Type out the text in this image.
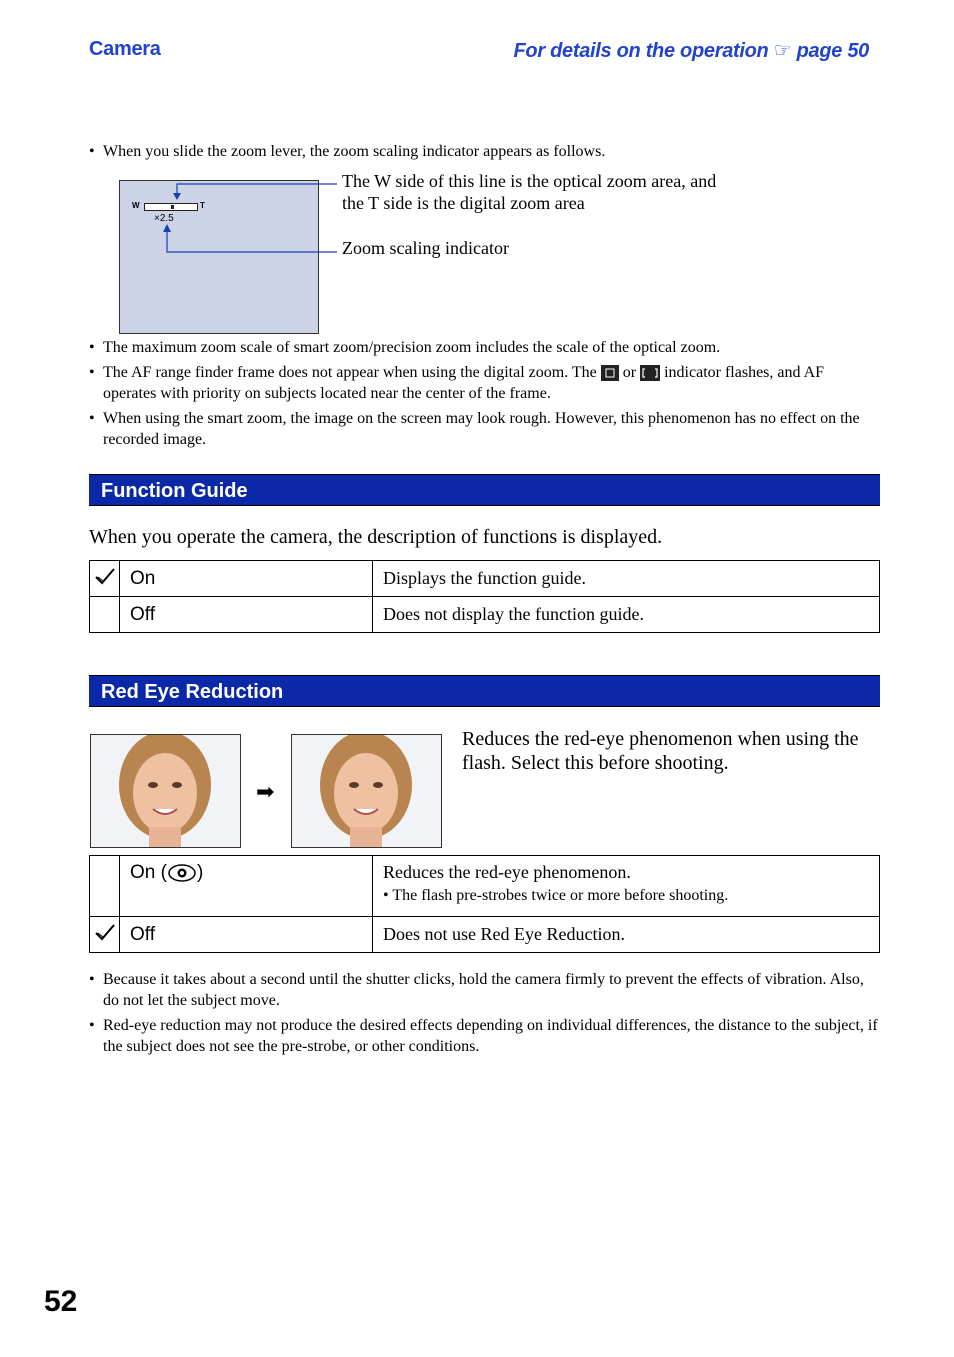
Camera	For details on the operation ☞ page 50
• When you slide the zoom lever, the zoom scaling indicator appears as follows.
W	T
×2.5
The W side of this line is the optical zoom area, and the T side is the digital zoom area
Zoom scaling indicator
• The maximum zoom scale of smart zoom/precision zoom includes the scale of the optical zoom.
• The AF range finder frame does not appear when using the digital zoom. The or indicator flashes, and AF operates with priority on subjects located near the center of the frame.
• When using the smart zoom, the image on the screen may look rough. However, this phenomenon has no effect on the recorded image.
Function Guide
When you operate the camera, the description of functions is displayed.
	On	Displays the function guide.
	Off	Does not display the function guide.
Red Eye Reduction
➡
Reduces the red-eye phenomenon when using the flash. Select this before shooting.
	On ( )	Reduces the red-eye phenomenon.
• The flash pre-strobes twice or more before shooting.

	Off	Does not use Red Eye Reduction.
• Because it takes about a second until the shutter clicks, hold the camera firmly to prevent the effects of vibration. Also, do not let the subject move.
• Red-eye reduction may not produce the desired effects depending on individual differences, the distance to the subject, if the subject does not see the pre-strobe, or other conditions.
52
